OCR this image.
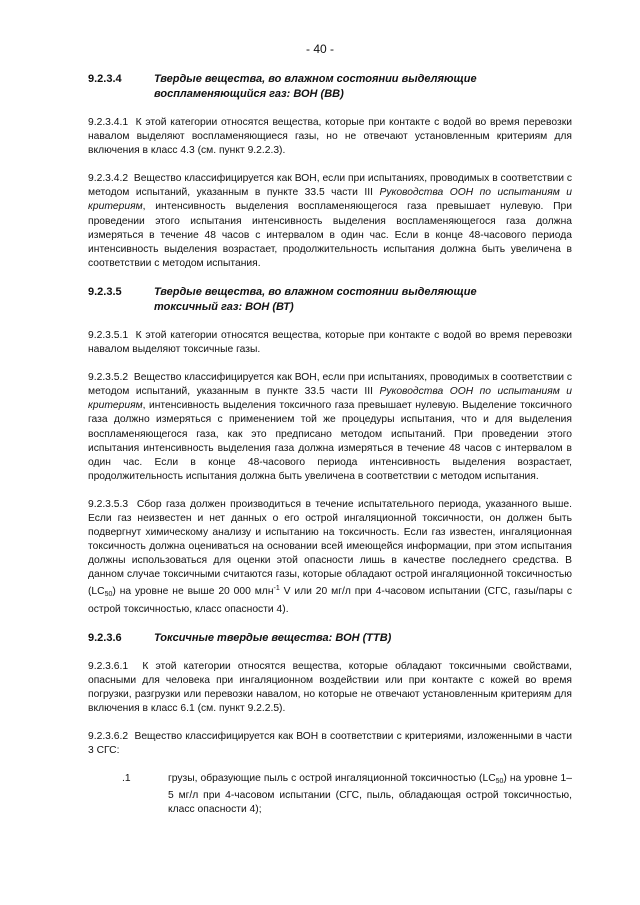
- 40 -
9.2.3.4	Твердые вещества, во влажном состоянии выделяющие
воспламеняющийся газ: ВОН (ВВ)

9.2.3.4.1 К этой категории относятся вещества, которые при контакте с водой во время перевозки навалом выделяют воспламеняющиеся газы, но не отвечают установленным критериям для включения в класс 4.3 (см. пункт 9.2.2.3).

9.2.3.4.2 Вещество классифицируется как ВОН, если при испытаниях, проводимых в соответствии с методом испытаний, указанным в пункте 33.5 части III Руководства ООН по испытаниям и критериям, интенсивность выделения воспламеняющегося газа превышает нулевую. При проведении этого испытания интенсивность выделения воспламеняющегося газа должна измеряться в течение 48 часов с интервалом в один час. Если в конце 48-часового периода интенсивность выделения возрастает, продолжительность испытания должна быть увеличена в соответствии с методом испытания.

9.2.3.5	Твердые вещества, во влажном состоянии выделяющие
токсичный газ: ВОН (ВТ)

9.2.3.5.1 К этой категории относятся вещества, которые при контакте с водой во время перевозки навалом выделяют токсичные газы.

9.2.3.5.2 Вещество классифицируется как ВОН, если при испытаниях, проводимых в соответствии с методом испытаний, указанным в пункте 33.5 части III Руководства ООН по испытаниям и критериям, интенсивность выделения токсичного газа превышает нулевую. Выделение токсичного газа должно измеряться с применением той же процедуры испытания, что и для выделения воспламеняющегося газа, как это предписано методом испытаний. При проведении этого испытания интенсивность выделения газа должна измеряться в течение 48 часов с интервалом в один час. Если в конце 48-часового периода интенсивность выделения возрастает, продолжительность испытания должна быть увеличена в соответствии с методом испытания.

9.2.3.5.3 Сбор газа должен производиться в течение испытательного периода, указанного выше. Если газ неизвестен и нет данных о его острой ингаляционной токсичности, он должен быть подвергнут химическому анализу и испытанию на токсичность. Если газ известен, ингаляционная токсичность должна оцениваться на основании всей имеющейся информации, при этом испытания должны использоваться для оценки этой опасности лишь в качестве последнего средства. В данном случае токсичными считаются газы, которые обладают острой ингаляционной токсичностью $(LC_{50})$ на уровне не выше 20 000 млн$^{-1}$ V или 20 мг/л при 4-часовом испытании (СГС, газы/пары с острой токсичностью, класс опасности 4).

9.2.3.6	Токсичные твердые вещества: ВОН (ТТВ)

9.2.3.6.1 К этой категории относятся вещества, которые обладают токсичными свойствами, опасными для человека при ингаляционном воздействии или при контакте с кожей во время погрузки, разгрузки или перевозки навалом, но которые не отвечают установленным критериям для включения в класс 6.1 (см. пункт 9.2.2.5).

9.2.3.6.2 Вещество классифицируется как ВОН в соответствии с критериями, изложенными в части 3 СГС:

.1	грузы, образующие пыль с острой ингаляционной токсичностью $(LC_{50})$ на уровне 1–5 мг/л при 4-часовом испытании (СГС, пыль, обладающая острой токсичностью, класс опасности 4);
